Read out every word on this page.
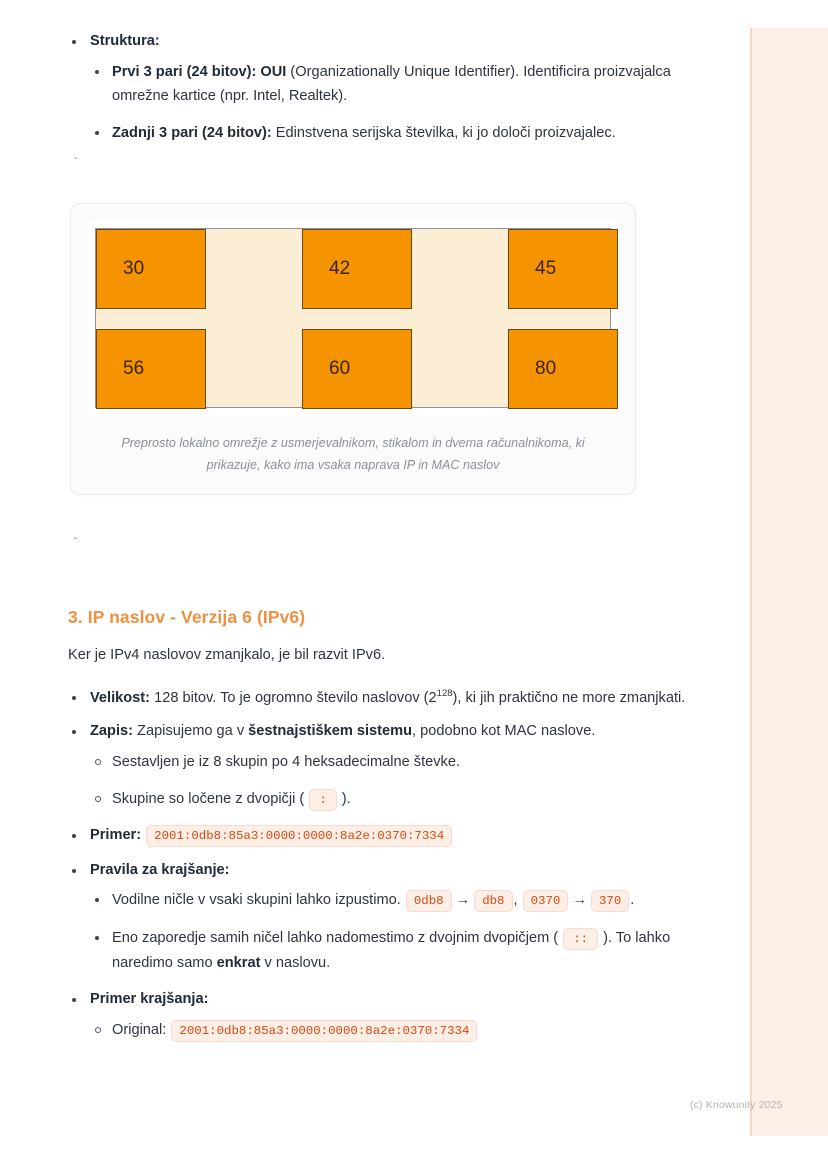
(c) Knowunity 2025
Struktura:
Prvi 3 pari (24 bitov): OUI (Organizationally Unique Identifier). Identificira proizvajalca omrežne kartice (npr. Intel, Realtek).
Zadnji 3 pari (24 bitov): Edinstvena serijska številka, ki jo določi proizvajalec.
`
30	42	45
56	60	80
Preprosto lokalno omrežje z usmerjevalnikom, stikalom in dvema računalnikoma, ki prikazuje, kako ima vsaka naprava IP in MAC naslov
`
3. IP naslov - Verzija 6 (IPv6)

Ker je IPv4 naslovov zmanjkalo, je bil razvit IPv6.

Velikost: 128 bitov. To je ogromno število naslovov $(2^{128})$, ki jih praktično ne more zmanjkati.
Zapis: Zapisujemo ga v šestnajstiškem sistemu, podobno kot MAC naslove.
Sestavljen je iz 8 skupin po 4 heksadecimalne števke.
Skupine so ločene z dvopičji ( : ).
Primer: 2001:0db8:85a3:0000:0000:8a2e:0370:7334
Pravila za krajšanje:
Vodilne ničle v vsaki skupini lahko izpustimo. 0db8 → db8 , 0370 → 370 .
Eno zaporedje samih ničel lahko nadomestimo z dvojnim dvopičjem ( :: ). To lahko naredimo samo enkrat v naslovu.
Primer krajšanja:
Original: 2001:0db8:85a3:0000:0000:8a2e:0370:7334
